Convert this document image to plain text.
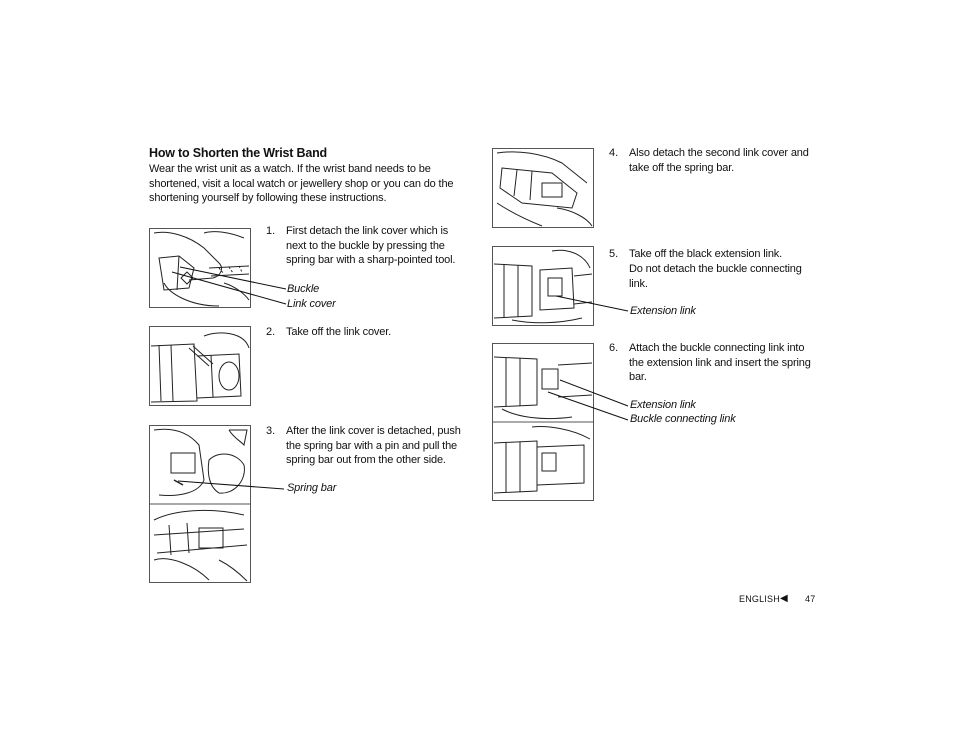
How to Shorten the Wrist Band
Wear the wrist unit as a watch. If the wrist band needs to be shortened, visit a local watch or jewellery shop or you can do the shortening yourself by following these instructions.
1. First detach the link cover which is next to the buckle by pressing the spring bar with a sharp-pointed tool.
Buckle
Link cover
2. Take off the link cover.
3. After the link cover is detached, push the spring bar with a pin and pull the spring bar out from the other side.
Spring bar
4. Also detach the second link cover and take off the spring bar.
5. Take off the black extension link.
Do not detach the buckle connecting link.
Extension link
6. Attach the buckle connecting link into the extension link and insert the spring bar.
Extension link
Buckle connecting link
ENGLISH ◀ 47
